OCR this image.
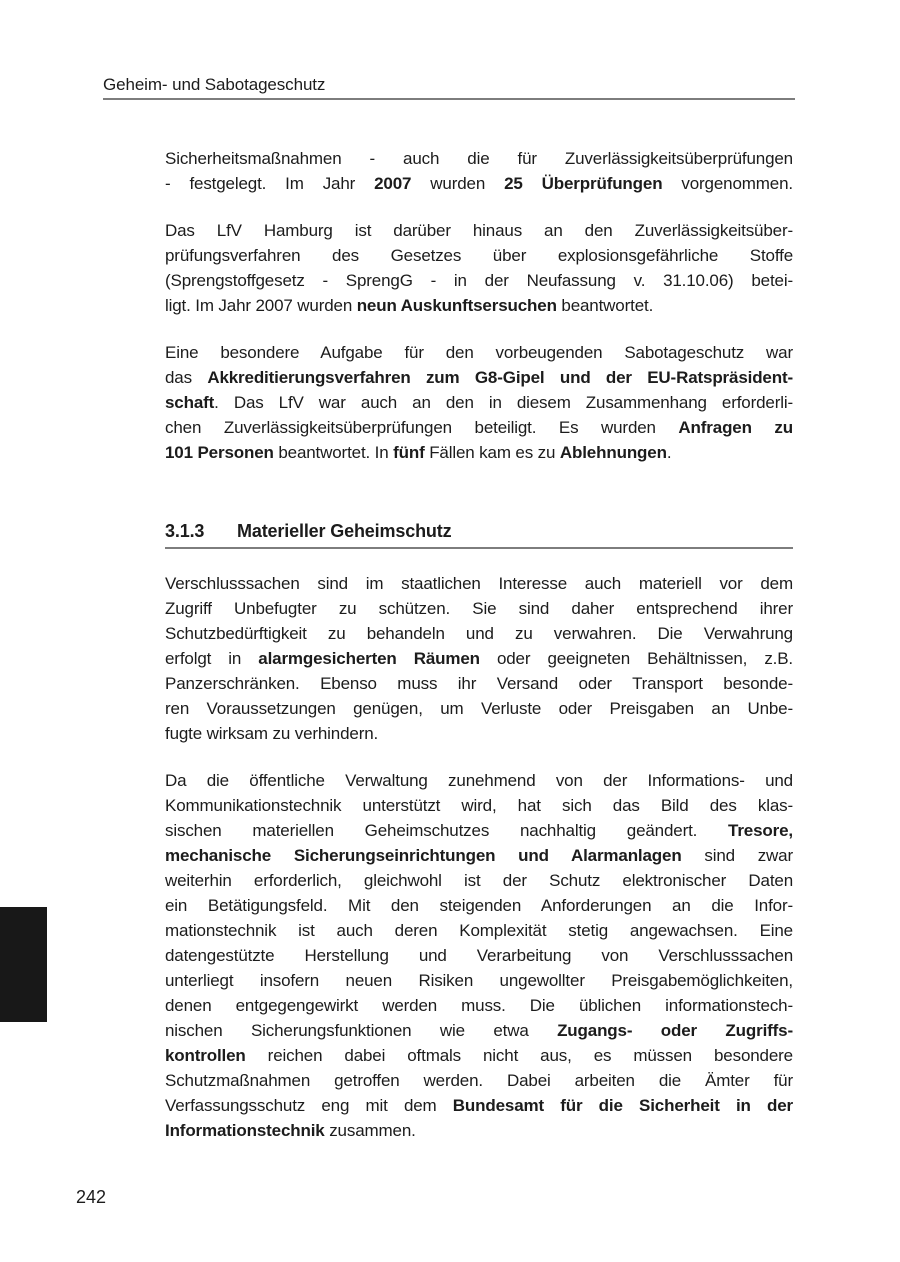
Geheim- und Sabotageschutz
Sicherheitsmaßnahmen - auch die für Zuverlässigkeitsüberprüfungen
- festgelegt. Im Jahr 2007 wurden 25 Überprüfungen vorgenommen.
Das LfV Hamburg ist darüber hinaus an den Zuverlässigkeitsüber-
prüfungsverfahren des Gesetzes über explosionsgefährliche Stoffe
(Sprengstoffgesetz - SprengG - in der Neufassung v. 31.10.06) betei-
ligt. Im Jahr 2007 wurden neun Auskunftsersuchen beantwortet.
Eine besondere Aufgabe für den vorbeugenden Sabotageschutz war
das Akkreditierungsverfahren zum G8-Gipel und der EU-Ratspräsident-
schaft. Das LfV war auch an den in diesem Zusammenhang erforderli-
chen Zuverlässigkeitsüberprüfungen beteiligt. Es wurden Anfragen zu
101 Personen beantwortet. In fünf Fällen kam es zu Ablehnungen.
3.1.3 Materieller Geheimschutz
Verschlusssachen sind im staatlichen Interesse auch materiell vor dem
Zugriff Unbefugter zu schützen. Sie sind daher entsprechend ihrer
Schutzbedürftigkeit zu behandeln und zu verwahren. Die Verwahrung
erfolgt in alarmgesicherten Räumen oder geeigneten Behältnissen, z.B.
Panzerschränken. Ebenso muss ihr Versand oder Transport besonde-
ren Voraussetzungen genügen, um Verluste oder Preisgaben an Unbe-
fugte wirksam zu verhindern.
Da die öffentliche Verwaltung zunehmend von der Informations- und
Kommunikationstechnik unterstützt wird, hat sich das Bild des klas-
sischen materiellen Geheimschutzes nachhaltig geändert. Tresore,
mechanische Sicherungseinrichtungen und Alarmanlagen sind zwar
weiterhin erforderlich, gleichwohl ist der Schutz elektronischer Daten
ein Betätigungsfeld. Mit den steigenden Anforderungen an die Infor-
mationstechnik ist auch deren Komplexität stetig angewachsen. Eine
datengestützte Herstellung und Verarbeitung von Verschlusssachen
unterliegt insofern neuen Risiken ungewollter Preisgabemöglichkeiten,
denen entgegengewirkt werden muss. Die üblichen informationstech-
nischen Sicherungsfunktionen wie etwa Zugangs- oder Zugriffs-
kontrollen reichen dabei oftmals nicht aus, es müssen besondere
Schutzmaßnahmen getroffen werden. Dabei arbeiten die Ämter für
Verfassungsschutz eng mit dem Bundesamt für die Sicherheit in der
Informationstechnik zusammen.
242
